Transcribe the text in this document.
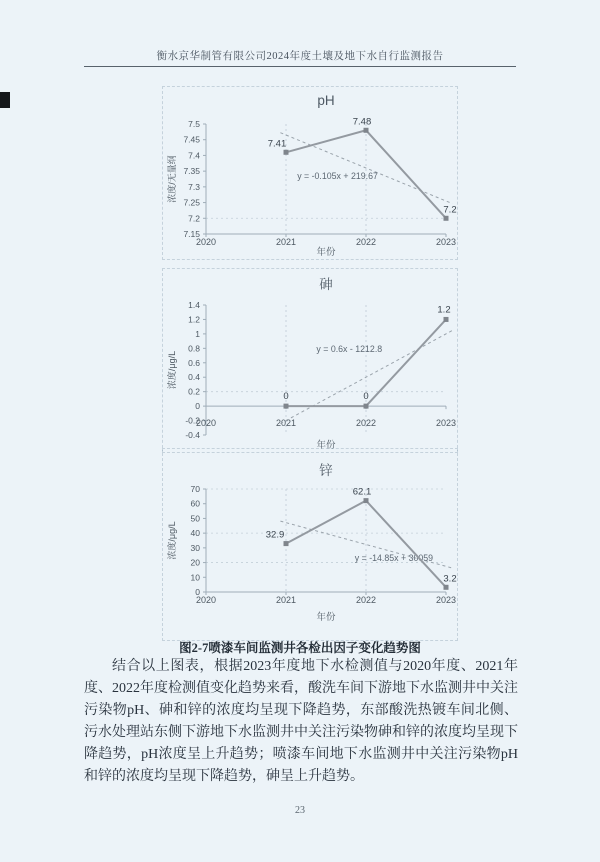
衡水京华制管有限公司2024年度土壤及地下水自行监测报告
pH
7.15
7.2
7.25
7.3
7.35
7.4
7.45
7.5
2020	2021	2022	2023
年份
浓度/无量纲	y = -0.105x + 219.67
7.41
7.48
7.2
砷
-0.4
-0.2
0
0.2
0.4
0.6
0.8
1
1.2
1.4
2020	2021	2022	2023
年份
浓度/μg/L
y = 0.6x - 1212.8
0	0
1.2
锌
0
10
20
30
40
50
60
70
2020	2021	2022	2023
年份
浓度/μg/L	y = -14.85x + 30059
32.9
62.1
3.2
图2-7喷漆车间监测井各检出因子变化趋势图
结合以上图表，根据2023年度地下水检测值与2020年度、2021年度、2022年度检测值变化趋势来看，酸洗车间下游地下水监测井中关注污染物pH、砷和锌的浓度均呈现下降趋势，东部酸洗热镀车间北侧、污水处理站东侧下游地下水监测井中关注污染物砷和锌的浓度均呈现下降趋势，pH浓度呈上升趋势；喷漆车间地下水监测井中关注污染物pH和锌的浓度均呈现下降趋势，砷呈上升趋势。
23
